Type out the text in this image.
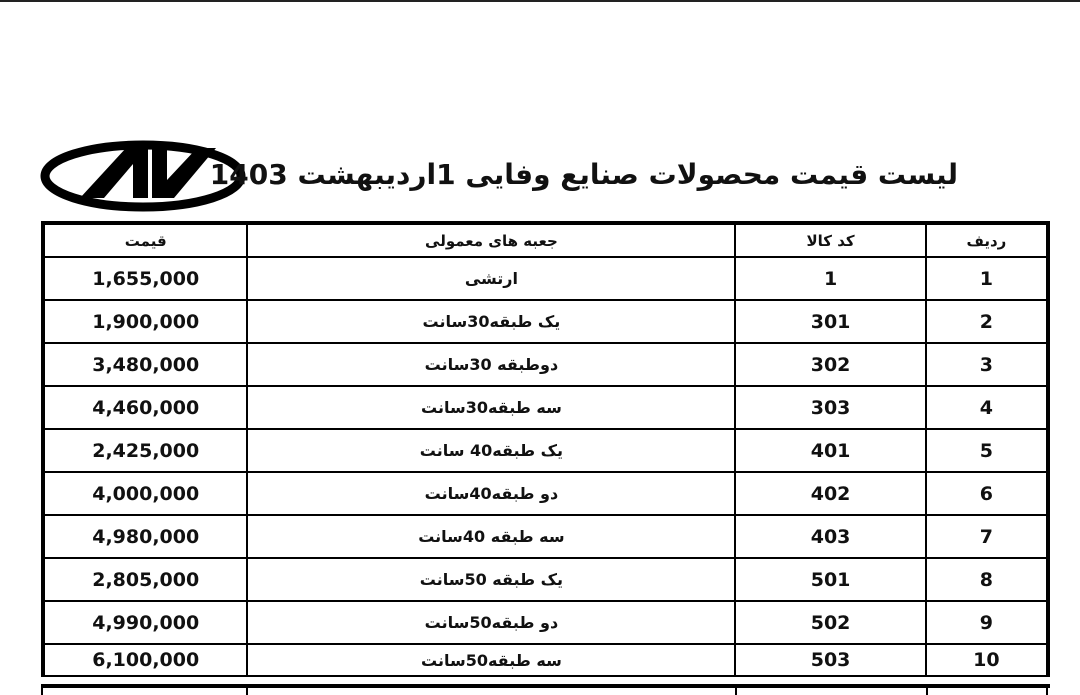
لیست قیمت محصولات صنایع وفایی 1اردیبهشت 1403
ردیف	کد کالا	جعبه های معمولی	قیمت
1	1	ارتشی	1,655,000
2	301	یک طبقه30سانت	1,900,000
3	302	دوطبقه 30سانت	3,480,000
4	303	سه طبقه30سانت	4,460,000
5	401	یک طبقه40 سانت	2,425,000
6	402	دو طبقه40سانت	4,000,000
7	403	سه طبقه 40سانت	4,980,000
8	501	یک طبقه 50سانت	2,805,000
9	502	دو طبقه50سانت	4,990,000
10	503	سه طبقه50سانت	6,100,000
